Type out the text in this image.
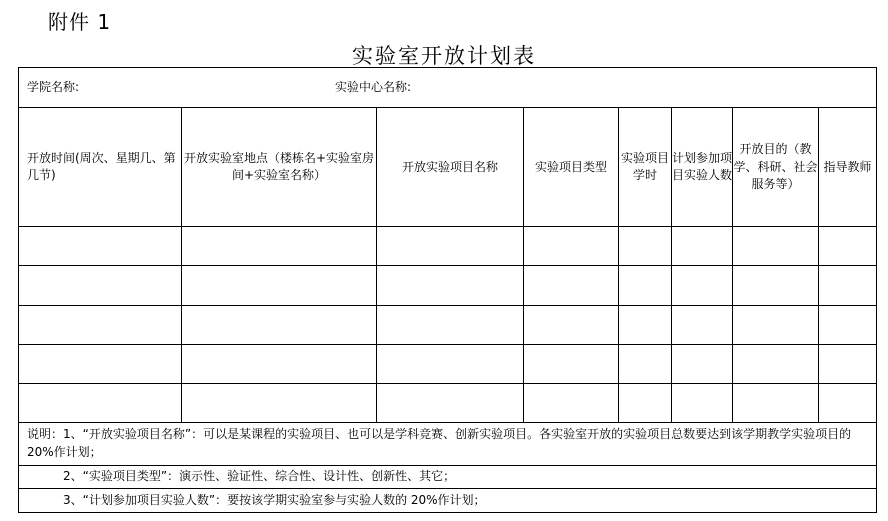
附件 1
实验室开放计划表
学院名称: 实验中心名称:							
开放时间(周次、星期几、第几节)	开放实验室地点（楼栋名+实验室房间+实验室名称）	开放实验项目名称	实验项目类型	实验项目学时	计划参加项目实验人数	开放目的（教学、科研、社会服务等）	指导教师

说明：1、“开放实验项目名称”：可以是某课程的实验项目、也可以是学科竞赛、创新实验项目。各实验室开放的实验项目总数要达到该学期教学实验项目的 20%作计划；							
2、“实验项目类型”：演示性、验证性、综合性、设计性、创新性、其它；							
3、“计划参加项目实验人数”：要按该学期实验室参与实验人数的 20%作计划；							
